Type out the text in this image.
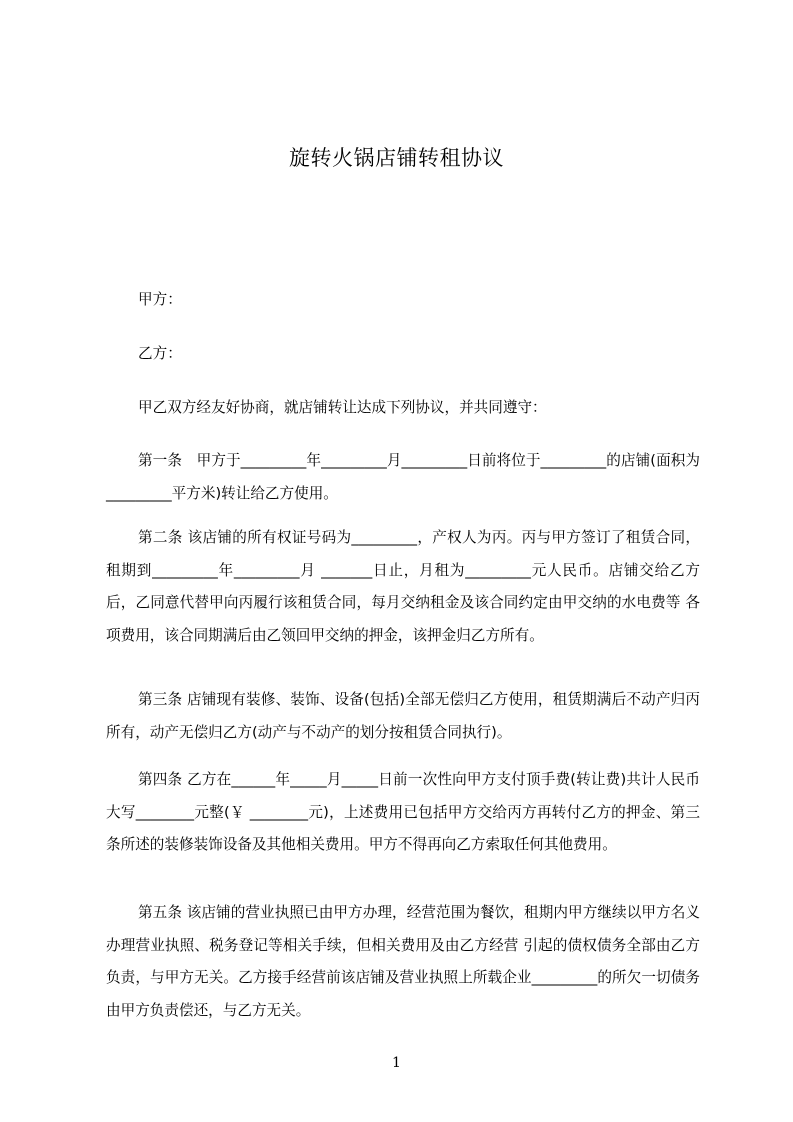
旋转火锅店铺转租协议
甲方：
乙方：
甲乙双方经友好协商，就店铺转让达成下列协议，并共同遵守：
第一条　甲方于_________年_________月_________日前将位于_________的店铺(面积为_________平方米)转让给乙方使用。
第二条 该店铺的所有权证号码为_________，产权人为丙。丙与甲方签订了租赁合同，租期到_________年_________月 _______日止，月租为_________元人民币。店铺交给乙方后，乙同意代替甲向丙履行该租赁合同，每月交纳租金及该合同约定由甲交纳的水电费等 各项费用，该合同期满后由乙领回甲交纳的押金，该押金归乙方所有。
第三条 店铺现有装修、装饰、设备(包括)全部无偿归乙方使用，租赁期满后不动产归丙所有，动产无偿归乙方(动产与不动产的划分按租赁合同执行)。
第四条 乙方在______年_____月_____日前一次性向甲方支付顶手费(转让费)共计人民币大写________元整(￥ ________元)，上述费用已包括甲方交给丙方再转付乙方的押金、第三条所述的装修装饰设备及其他相关费用。甲方不得再向乙方索取任何其他费用。
第五条 该店铺的营业执照已由甲方办理，经营范围为餐饮，租期内甲方继续以甲方名义办理营业执照、税务登记等相关手续，但相关费用及由乙方经营 引起的债权债务全部由乙方负责，与甲方无关。乙方接手经营前该店铺及营业执照上所载企业_________的所欠一切债务由甲方负责偿还，与乙方无关。
1
